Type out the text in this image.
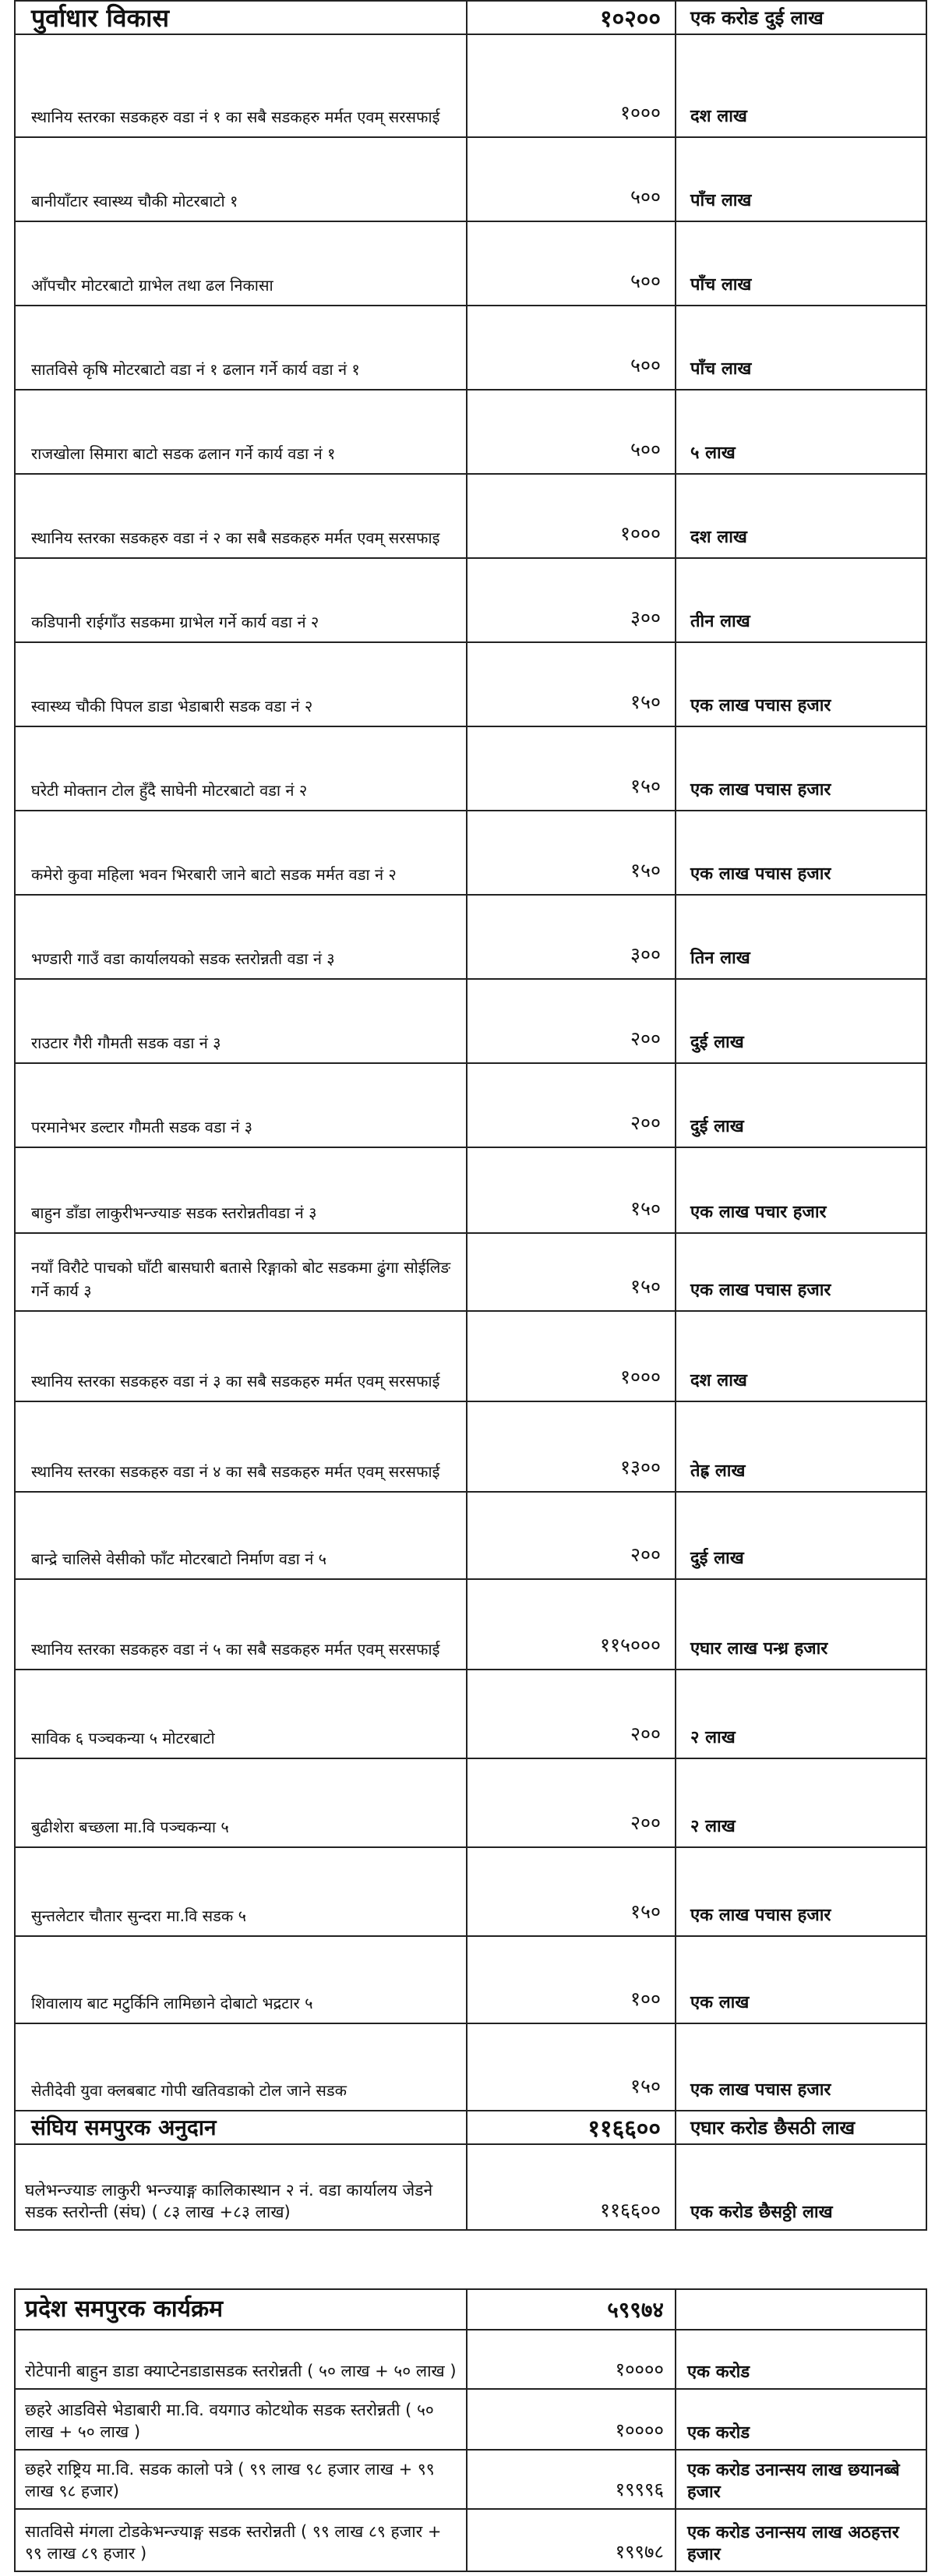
पुर्वाधार विकास	१०२००	एक करोड दुई लाख
स्थानिय स्तरका सडकहरु वडा नं १ का सबै सडकहरु मर्मत एवम् सरसफाई	१०००	दश लाख
बानीयाँटार स्वास्थ्य चौकी मोटरबाटो १	५००	पाँच लाख
आँपचौर मोटरबाटो ग्राभेल तथा ढल निकासा	५००	पाँच लाख
सातविसे कृषि मोटरबाटो वडा नं १ ढलान गर्ने कार्य वडा नं १	५००	पाँच लाख
राजखोला सिमारा बाटो सडक ढलान गर्ने कार्य वडा नं १	५००	५ लाख
स्थानिय स्तरका सडकहरु वडा नं २ का सबै सडकहरु मर्मत एवम् सरसफाइ	१०००	दश लाख
कडिपानी राईगाँउ सडकमा ग्राभेल गर्ने कार्य वडा नं २	३००	तीन लाख
स्वास्थ्य चौकी पिपल डाडा भेडाबारी सडक वडा नं २	१५०	एक लाख पचास हजार
घरेटी मोक्तान टोल हुँदै साघेनी मोटरबाटो वडा नं २	१५०	एक लाख पचास हजार
कमेरो कुवा महिला भवन भिरबारी जाने बाटो सडक मर्मत वडा नं २	१५०	एक लाख पचास हजार
भण्डारी गाउँ वडा कार्यालयको सडक स्तरोन्नती वडा नं ३	३००	तिन लाख
राउटार गैरी गौमती सडक वडा नं ३	२००	दुई लाख
परमानेभर डल्टार गौमती सडक वडा नं ३	२००	दुई लाख
बाहुन डाँडा लाकुरीभन्ज्याङ सडक स्तरोन्नतीवडा नं ३	१५०	एक लाख पचार हजार
नयाँ विरौटे पाचको घाँटी बासघारी बतासे रिङ्गाको बोट सडकमा ढुंगा सोईलिङ गर्ने कार्य ३	१५०	एक लाख पचास हजार
स्थानिय स्तरका सडकहरु वडा नं ३ का सबै सडकहरु मर्मत एवम् सरसफाई	१०००	दश लाख
स्थानिय स्तरका सडकहरु वडा नं ४ का सबै सडकहरु मर्मत एवम् सरसफाई	१३००	तेह्र लाख
बान्द्रे चालिसे वेसीको फाँट मोटरबाटो निर्माण वडा नं ५	२००	दुई लाख
स्थानिय स्तरका सडकहरु वडा नं ५ का सबै सडकहरु मर्मत एवम् सरसफाई	११५०००	एघार लाख पन्ध्र हजार
साविक ६ पञ्चकन्या ५ मोटरबाटो	२००	२ लाख
बुढीशेरा बच्छला मा.वि पञ्चकन्या ५	२००	२ लाख
सुन्तलेटार चौतार सुन्दरा मा.वि सडक ५	१५०	एक लाख पचास हजार
शिवालाय बाट मटुर्किनि लामिछाने दोबाटो भद्रटार ५	१००	एक लाख
सेतीदेवी युवा क्लबबाट गोपी खतिवडाको टोल जाने सडक	१५०	एक लाख पचास हजार
संघिय समपुरक अनुदान	११६६००	एघार करोड छैसठी लाख
घलेभन्ज्याङ लाकुरी भन्ज्याङ्ग कालिकास्थान २ नं. वडा कार्यालय जेडने सडक स्तरोन्ती (संघ) ( ८३ लाख +८३ लाख)	११६६००	एक करोड छैसठ्ठी लाख
प्रदेश समपुरक कार्यक्रम	५९९७४	
रोटेपानी बाहुन डाडा क्याप्टेनडाडासडक स्तरोन्नती ( ५० लाख + ५० लाख )	१००००	एक करोड
छहरे आडविसे भेडाबारी मा.वि. वयगाउ कोटथोक सडक स्तरोन्नती ( ५० लाख + ५० लाख )	१००००	एक करोड
छहरे राष्ट्रिय मा.वि. सडक कालो पत्रे ( ९९ लाख ९८ हजार लाख + ९९ लाख ९८ हजार)	१९९९६	एक करोड उनान्सय लाख छयानब्बे हजार
सातविसे मंगला टोडकेभन्ज्याङ्ग सडक स्तरोन्नती ( ९९ लाख ८९ हजार + ९९ लाख ८९ हजार )	१९९७८	एक करोड उनान्सय लाख अठहत्तर हजार
